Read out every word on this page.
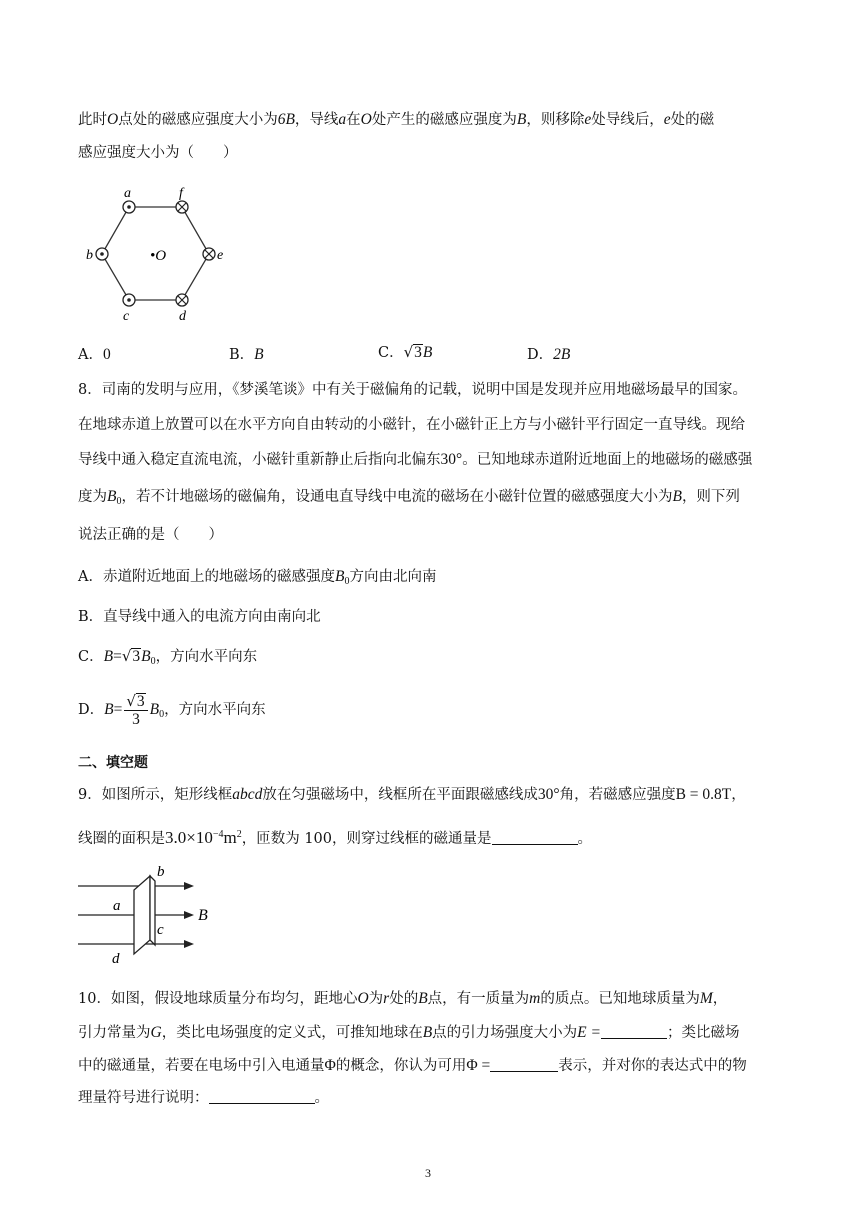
此时O点处的磁感应强度大小为6B，导线a在O处产生的磁感应强度为B，则移除e处导线后，e处的磁
感应强度大小为（　　）
a	f
b	e
c	d
•O
A．0	B．B	C．√3B	D．2B
8．司南的发明与应用，《梦溪笔谈》中有关于磁偏角的记载，说明中国是发现并应用地磁场最早的国家。
在地球赤道上放置可以在水平方向自由转动的小磁针，在小磁针正上方与小磁针平行固定一直导线。现给
导线中通入稳定直流电流，小磁针重新静止后指向北偏东30°。已知地球赤道附近地面上的地磁场的磁感强
度为$B_0$，若不计地磁场的磁偏角，设通电直导线中电流的磁场在小磁针位置的磁感强度大小为B，则下列
说法正确的是（　　）
A．赤道附近地面上的地磁场的磁感强度$B_0$方向由北向南
B．直导线中通入的电流方向由南向北
C．$B=√3B_0$，方向水平向东
D．$B= \frac{√3}{3} B_0$，方向水平向东
二、填空题
9．如图所示，矩形线框abcd放在匀强磁场中，线框所在平面跟磁感线成30°角，若磁感应强度B = 0.8T，
线圈的面积是$3.0\times 10^{-4}m^2$，匝数为 100，则穿过线框的磁通量是	。
b
a
c
d
B
10．如图，假设地球质量分布均匀，距地心O为r处的B点，有一质量为m的质点。已知地球质量为M，
引力常量为G，类比电场强度的定义式，可推知地球在B点的引力场强度大小为E =	；类比磁场
中的磁通量，若要在电场中引入电通量Φ的概念，你认为可用Φ =	表示，并对你的表达式中的物
理量符号进行说明：	。
3
